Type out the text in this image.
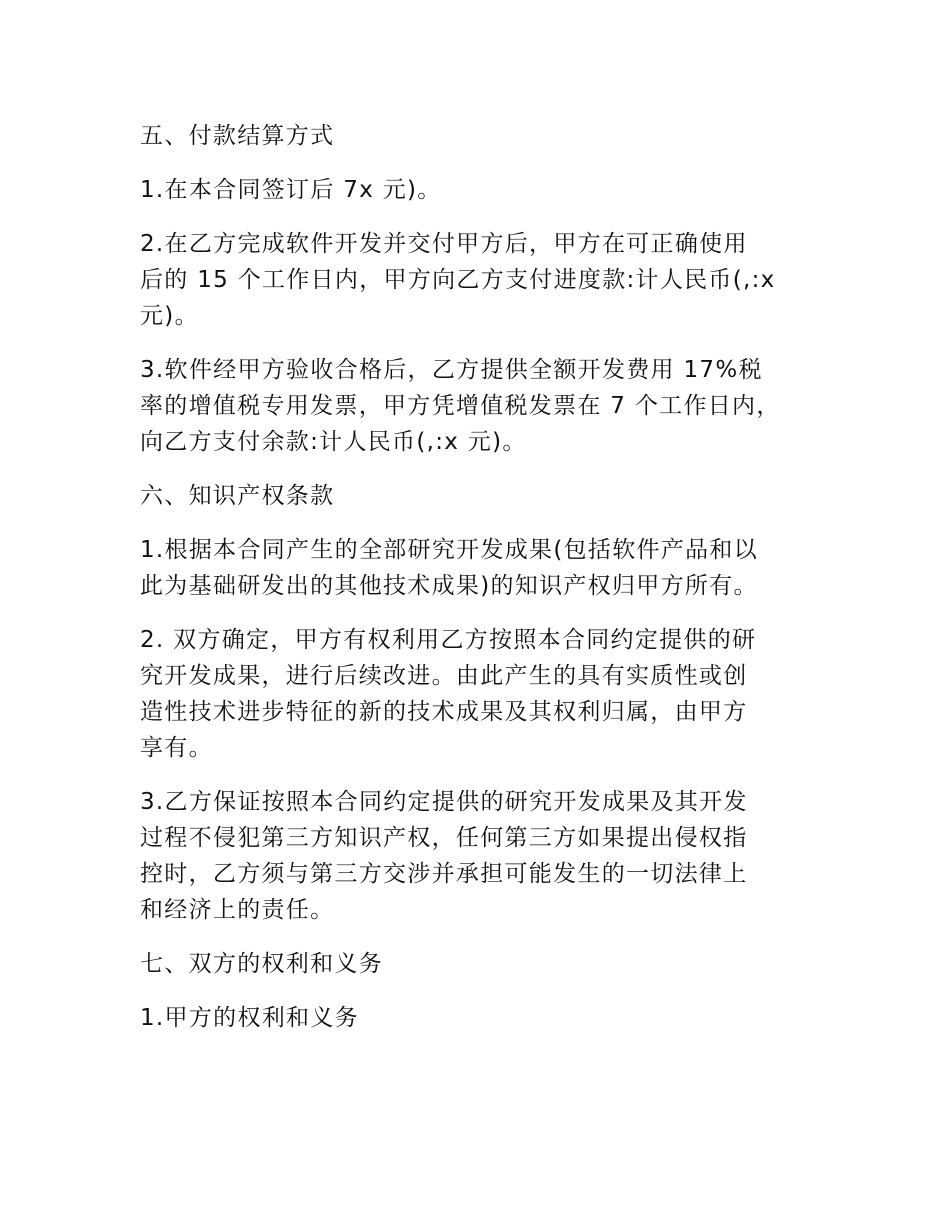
五、付款结算方式
1.在本合同签订后 7x 元)。
2.在乙方完成软件开发并交付甲方后，甲方在可正确使用
后的 15 个工作日内，甲方向乙方支付进度款:计人民币(,:x
元)。
3.软件经甲方验收合格后，乙方提供全额开发费用 17%税
率的增值税专用发票，甲方凭增值税发票在 7 个工作日内，
向乙方支付余款:计人民币(,:x 元)。
六、知识产权条款
1.根据本合同产生的全部研究开发成果(包括软件产品和以
此为基础研发出的其他技术成果)的知识产权归甲方所有。
2. 双方确定，甲方有权利用乙方按照本合同约定提供的研
究开发成果，进行后续改进。由此产生的具有实质性或创
造性技术进步特征的新的技术成果及其权利归属，由甲方
享有。
3.乙方保证按照本合同约定提供的研究开发成果及其开发
过程不侵犯第三方知识产权，任何第三方如果提出侵权指
控时，乙方须与第三方交涉并承担可能发生的一切法律上
和经济上的责任。
七、双方的权利和义务
1.甲方的权利和义务
